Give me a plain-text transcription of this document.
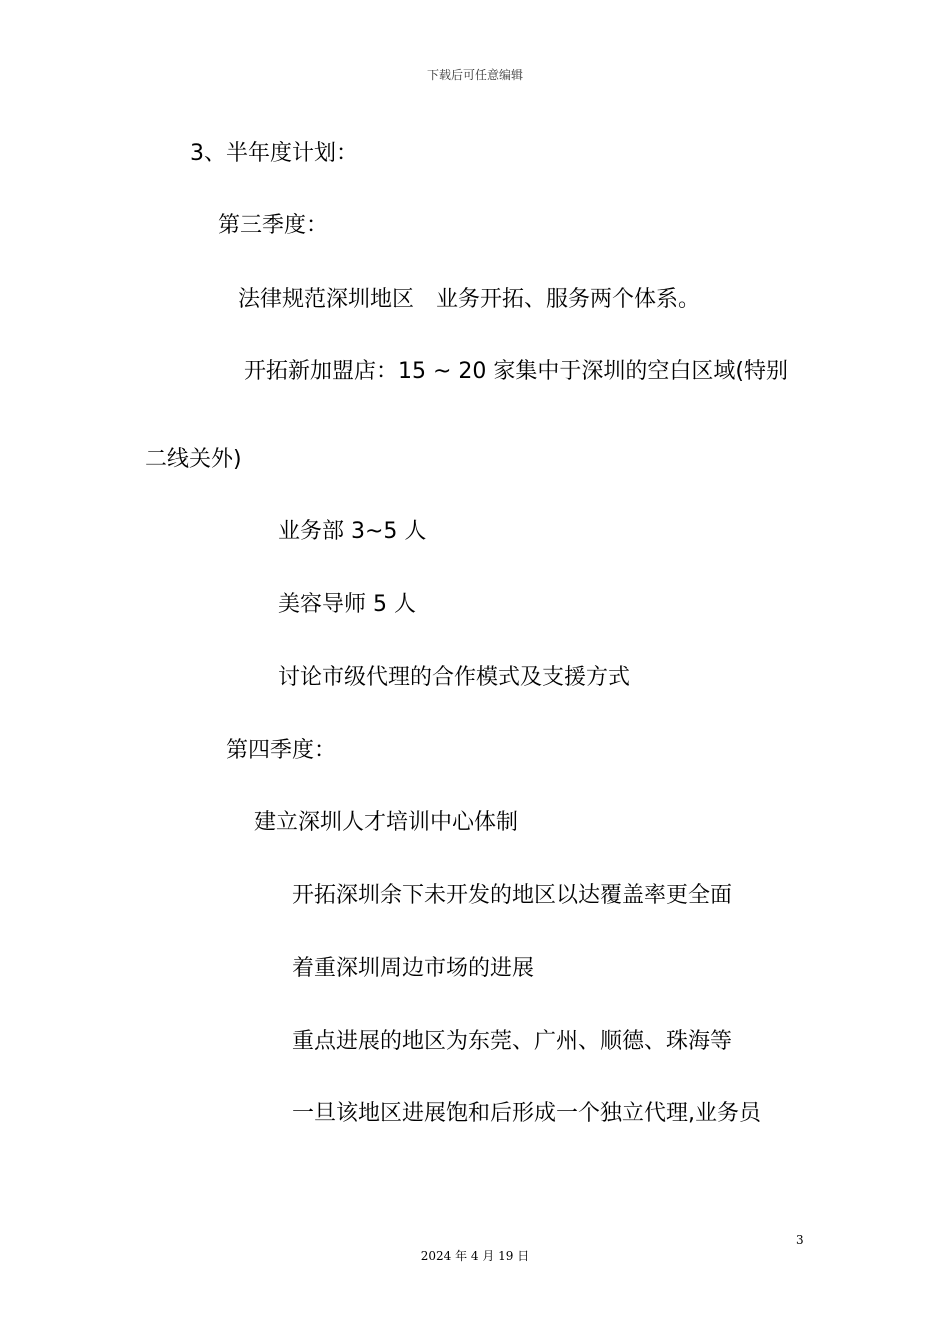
下载后可任意编辑
3、半年度计划：
第三季度：
法律规范深圳地区　业务开拓、服务两个体系。
开拓新加盟店：15 ~ 20 家集中于深圳的空白区域(特别
二线关外)
业务部 3~5 人
美容导师 5 人
讨论市级代理的合作模式及支援方式
第四季度：
建立深圳人才培训中心体制
开拓深圳余下未开发的地区以达覆盖率更全面
着重深圳周边市场的进展
重点进展的地区为东莞、广州、顺德、珠海等
一旦该地区进展饱和后形成一个独立代理,业务员
3
2024 年 4 月 19 日
